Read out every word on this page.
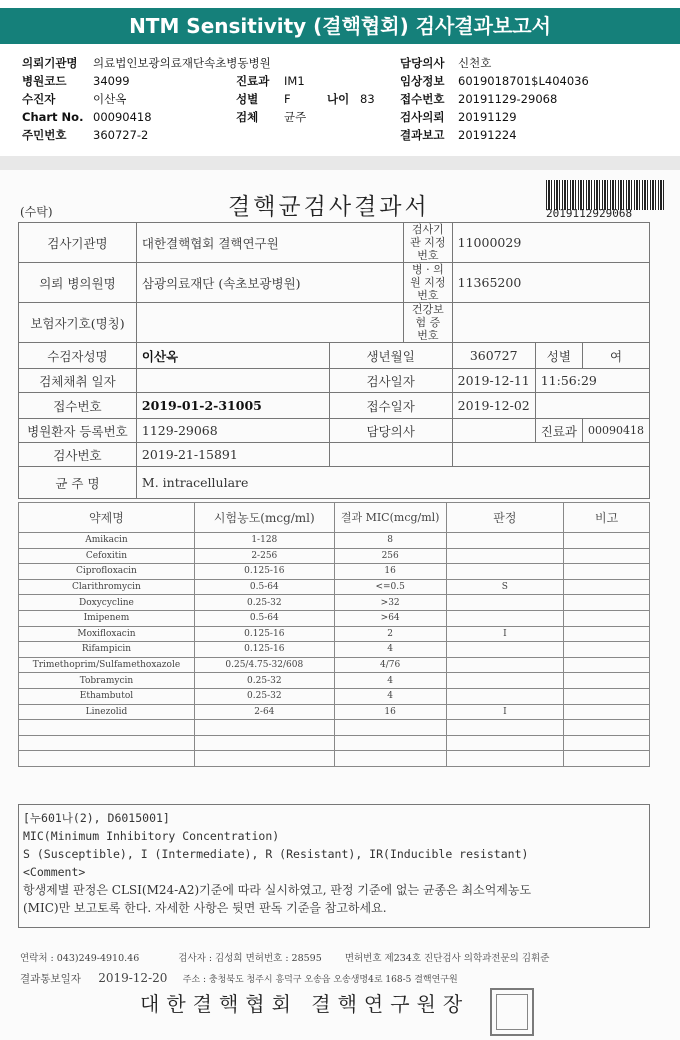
NTM Sensitivity (결핵협회) 검사결과보고서
의뢰기관명 의료법인보광의료재단속초병동병원	담당의사 신천호
병원코드 34099	진료과 IM1	임상정보 6019018701$L404036
수진자	이산옥	성별 F	나이 83 접수번호 20191129-29068
Chart No. 00090418	검체 균주	검사의뢰 20191129
주민번호 360727-2	결과보고 20191224
(수탁)	결핵균검사결과서	2019112929068
검사기관명	대한결핵협회 결핵연구원		검사기관 지정번호	11000029		
의뢰 병의원명	삼광의료재단 (속초보광병원)		병 · 의원 지정번호	11365200		
보험자기호(명칭)			건강보험 증 번호			
수검자성명	이산옥	생년월일		360727	성별	여
검체채취 일자		검사일자		2019-12-11	11:56:29	
접수번호	2019-01-2-31005	접수일자		2019-12-02		
병원환자 등록번호	1129-29068	담당의사			진료과	00090418
검사번호	2019-21-15891					
균 주 명	M. intracellulare					
약제명	시험농도(mcg/ml)	결과 MIC(mcg/ml)	판정	비고
Amikacin	1-128	8		
Cefoxitin	2-256	256		
Ciprofloxacin	0.125-16	16		
Clarithromycin	0.5-64	<=0.5	S	
Doxycycline	0.25-32	>32		
Imipenem	0.5-64	>64		
Moxifloxacin	0.125-16	2	I	
Rifampicin	0.125-16	4		
Trimethoprim/Sulfamethoxazole	0.25/4.75-32/608	4/76		
Tobramycin	0.25-32	4		
Ethambutol	0.25-32	4		
Linezolid	2-64	16	I	

[누601나(2), D6015001]
MIC(Minimum Inhibitory Concentration)
S (Susceptible), I (Intermediate), R (Resistant), IR(Inducible resistant)
<Comment>
항생제별 판정은 CLSI(M24-A2)기준에 따라 실시하였고, 판정 기준에 없는 균종은 최소억제농도
(MIC)만 보고토록 한다. 자세한 사항은 뒷면 판독 기준을 참고하세요.
연락처 : 043)249-4910.46	검사자 : 김성희 면허번호 : 28595 면허번호 제234호 진단검사 의학과전문의 김휘준
결과통보일자 2019-12-20 주소 : 충청북도 청주시 흥덕구 오송읍 오송생명4로 168-5 결핵연구원
대한결핵협회 결핵연구원장
